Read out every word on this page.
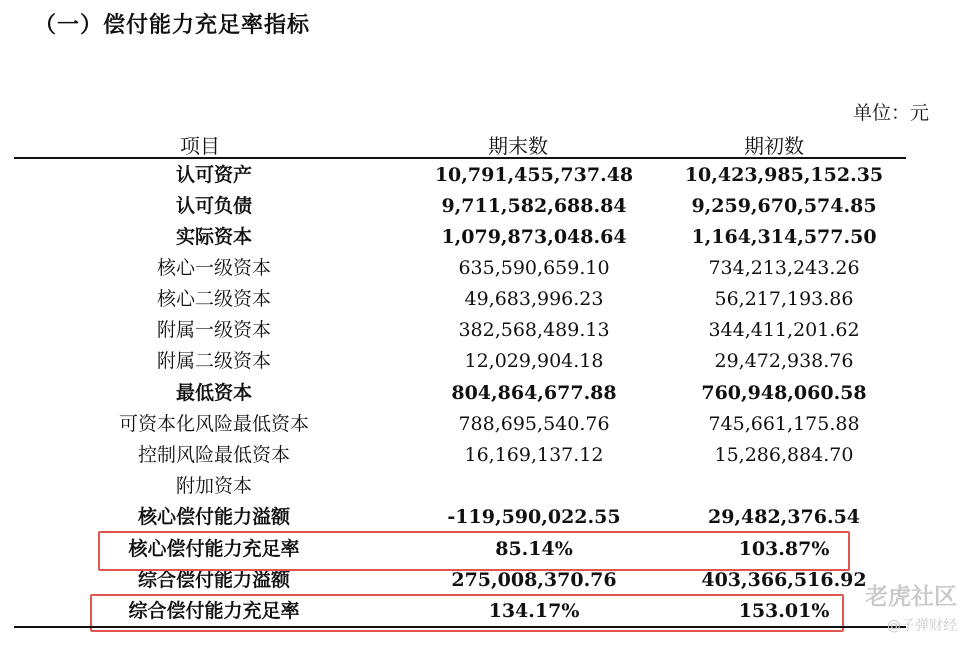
（一）偿付能力充足率指标
单位：元
项目	期末数	期初数
认可资产	10,791,455,737.48	10,423,985,152.35
认可负债	9,711,582,688.84	9,259,670,574.85
实际资本	1,079,873,048.64	1,164,314,577.50
核心一级资本	635,590,659.10	734,213,243.26
核心二级资本	49,683,996.23	56,217,193.86
附属一级资本	382,568,489.13	344,411,201.62
附属二级资本	12,029,904.18	29,472,938.76
最低资本	804,864,677.88	760,948,060.58
可资本化风险最低资本	788,695,540.76	745,661,175.88
控制风险最低资本	16,169,137.12	15,286,884.70
附加资本
核心偿付能力溢额	-119,590,022.55	29,482,376.54
核心偿付能力充足率	85.14%	103.87%
综合偿付能力溢额	275,008,370.76	403,366,516.92
综合偿付能力充足率	134.17%	153.01%
老虎社区
@子弹财经
